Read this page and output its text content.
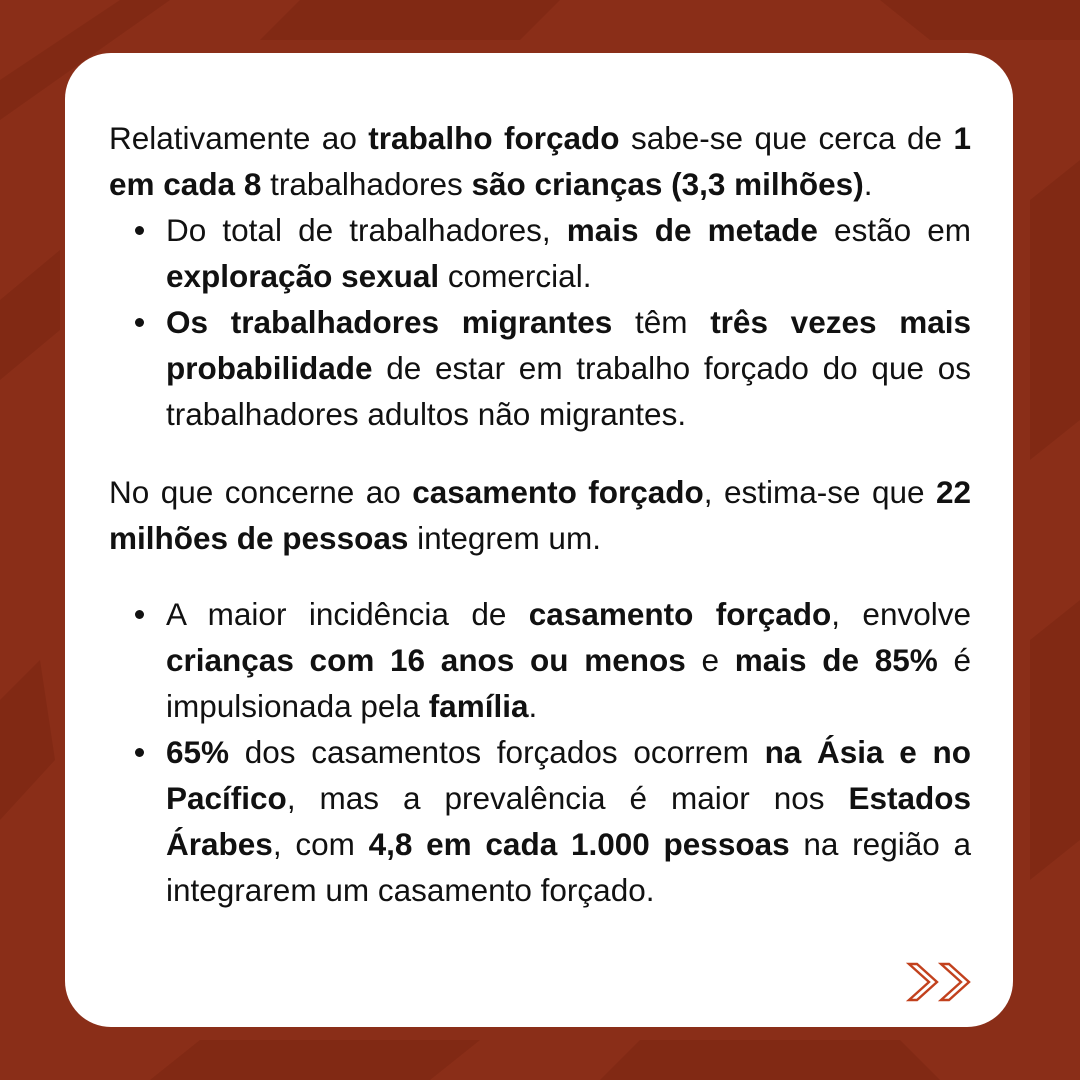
Relativamente ao trabalho forçado sabe-se que cerca de 1 em cada 8 trabalhadores são crianças (3,3 milhões).

Do total de trabalhadores, mais de metade estão em exploração sexual comercial.
Os trabalhadores migrantes têm três vezes mais probabilidade de estar em trabalho forçado do que os trabalhadores adultos não migrantes.

No que concerne ao casamento forçado, estima-se que 22 milhões de pessoas integrem um.

A maior incidência de casamento forçado, envolve crianças com 16 anos ou menos e mais de 85% é impulsionada pela família.
65% dos casamentos forçados ocorrem na Ásia e no Pacífico, mas a prevalência é maior nos Estados Árabes, com 4,8 em cada 1.000 pessoas na região a integrarem um casamento forçado.
